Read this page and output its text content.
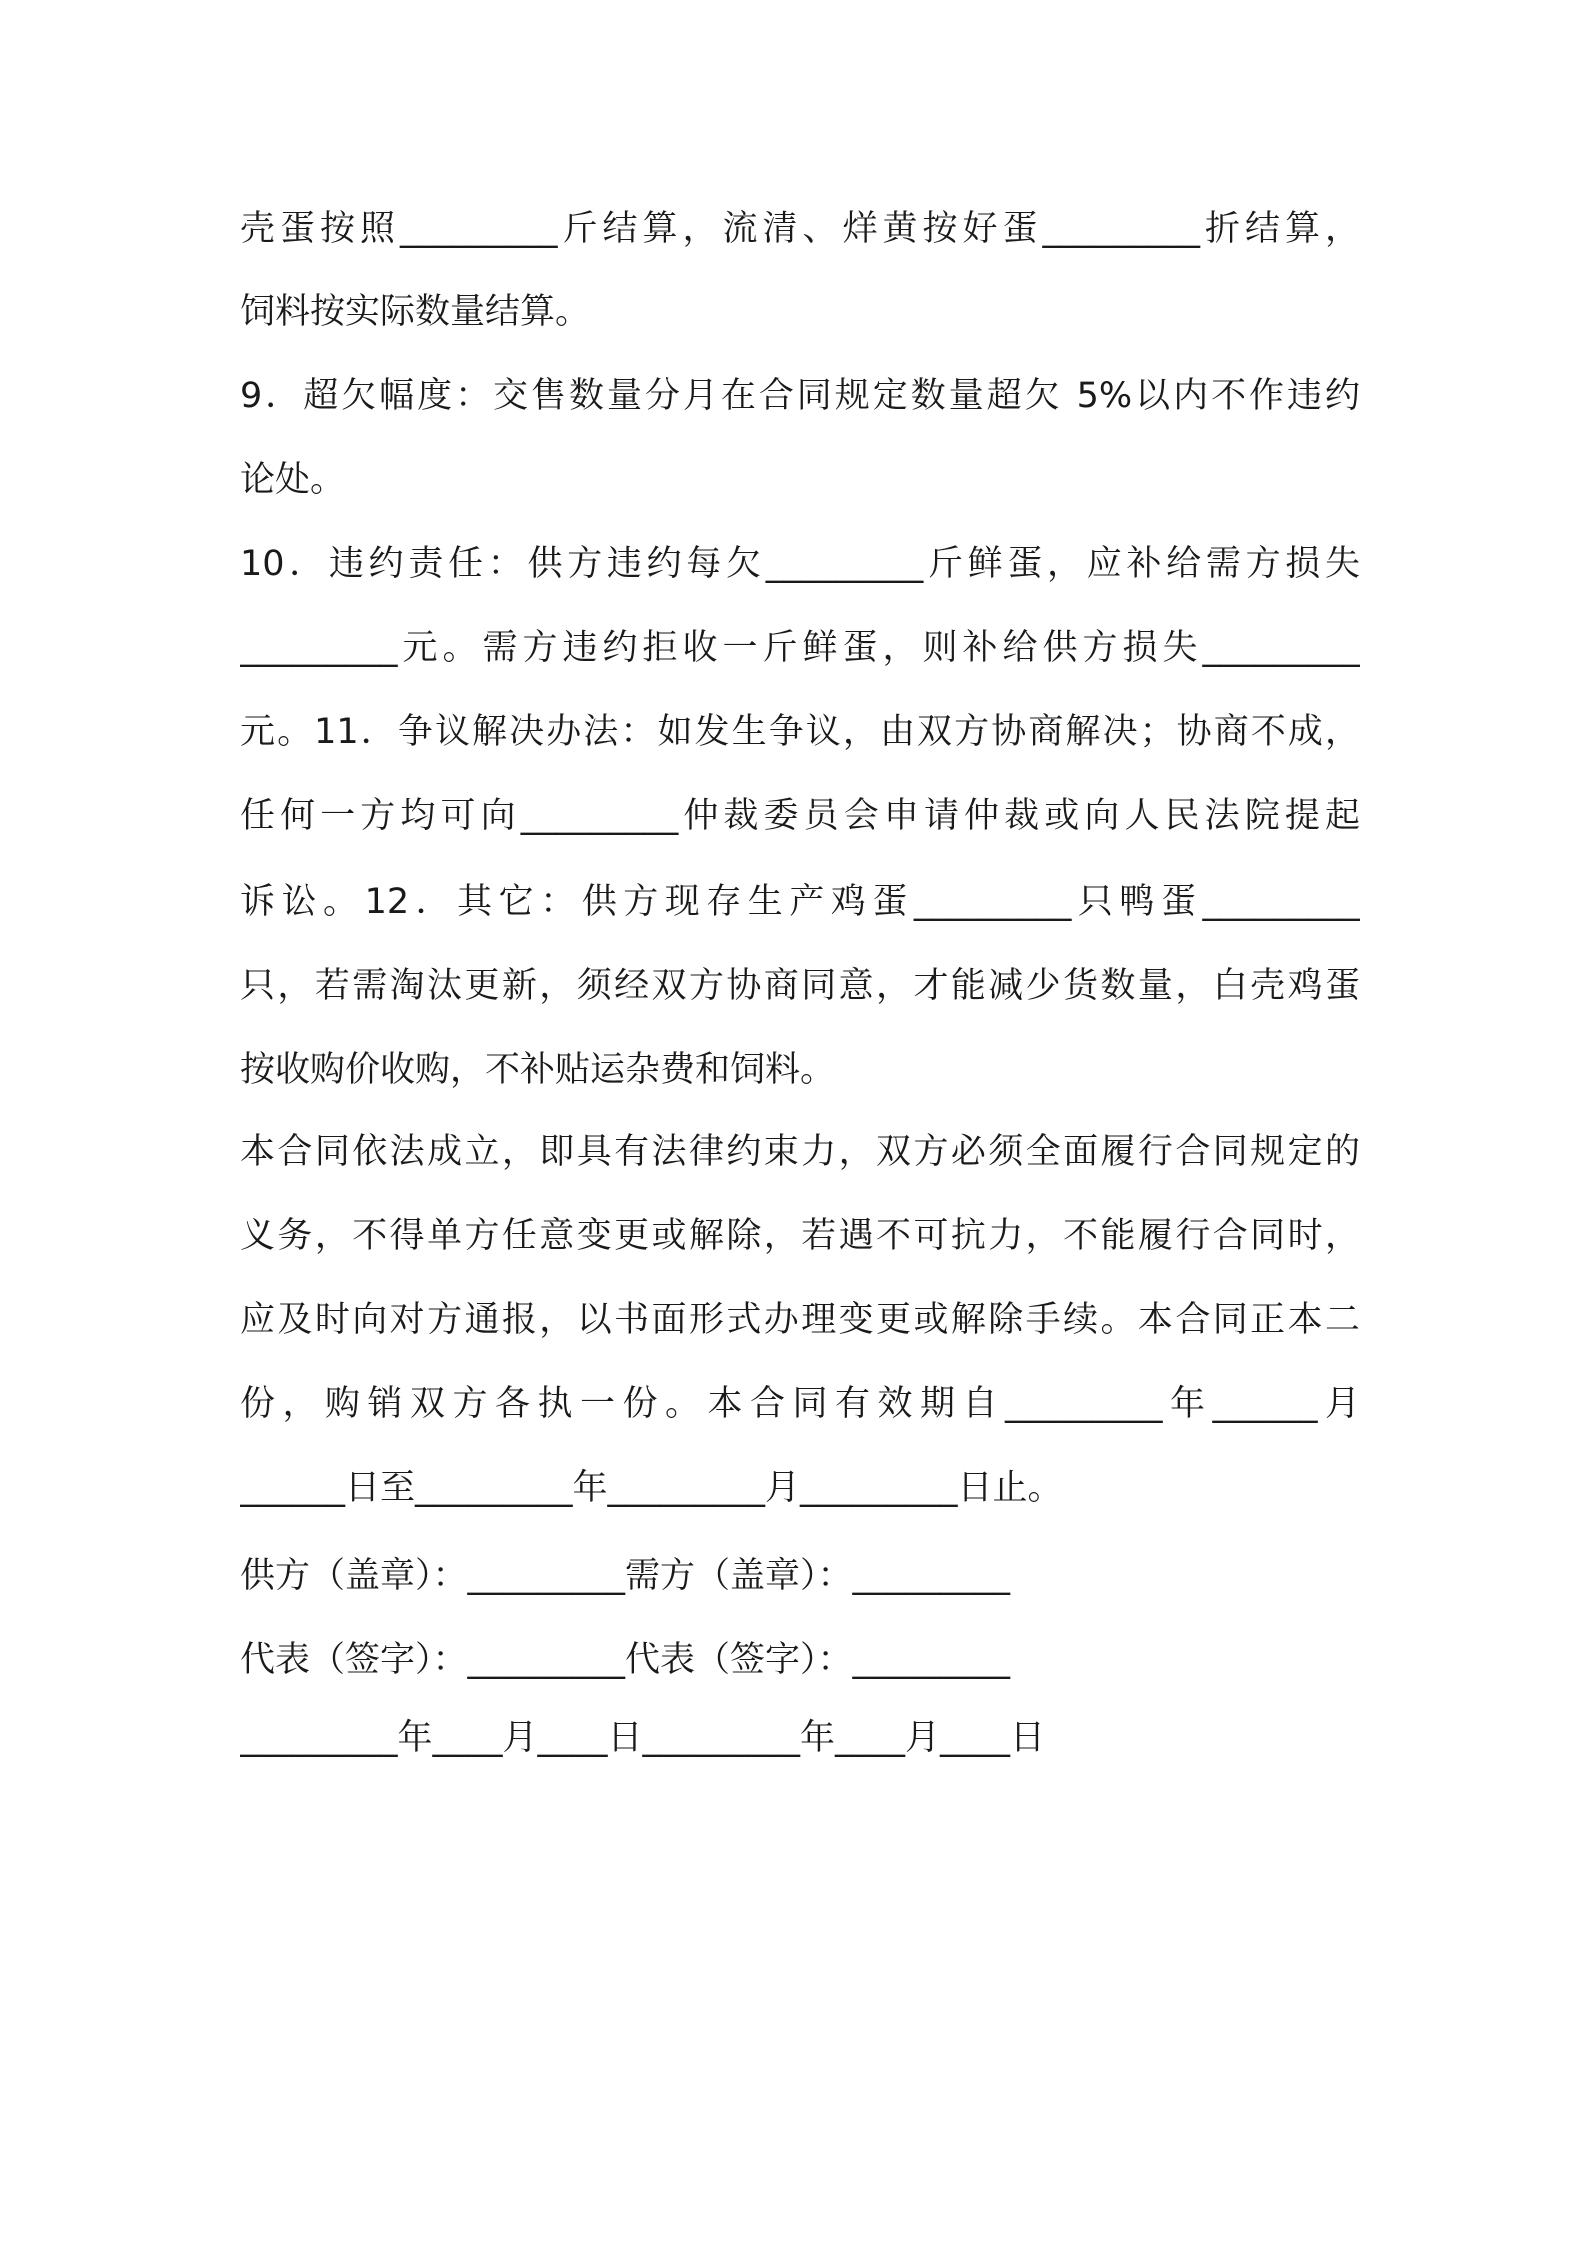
壳蛋按照_________斤结算，流清、烊黄按好蛋_________折结算，
饲料按实际数量结算。
9．超欠幅度：交售数量分月在合同规定数量超欠 5%以内不作违约
论处。
10．违约责任：供方违约每欠_________斤鲜蛋，应补给需方损失
_________元。需方违约拒收一斤鲜蛋，则补给供方损失_________
元。11．争议解决办法：如发生争议，由双方协商解决；协商不成，
任何一方均可向_________仲裁委员会申请仲裁或向人民法院提起
诉讼。12．其它：供方现存生产鸡蛋_________只鸭蛋_________
只，若需淘汰更新，须经双方协商同意，才能减少货数量，白壳鸡蛋
按收购价收购，不补贴运杂费和饲料。
本合同依法成立，即具有法律约束力，双方必须全面履行合同规定的
义务，不得单方任意变更或解除，若遇不可抗力，不能履行合同时，
应及时向对方通报，以书面形式办理变更或解除手续。本合同正本二
份，购销双方各执一份。本合同有效期自_________年______月
______日至_________年_________月_________日止。
供方（盖章）：_________需方（盖章）：_________
代表（签字）：_________代表（签字）：_________
_________年____月____日_________年____月____日
